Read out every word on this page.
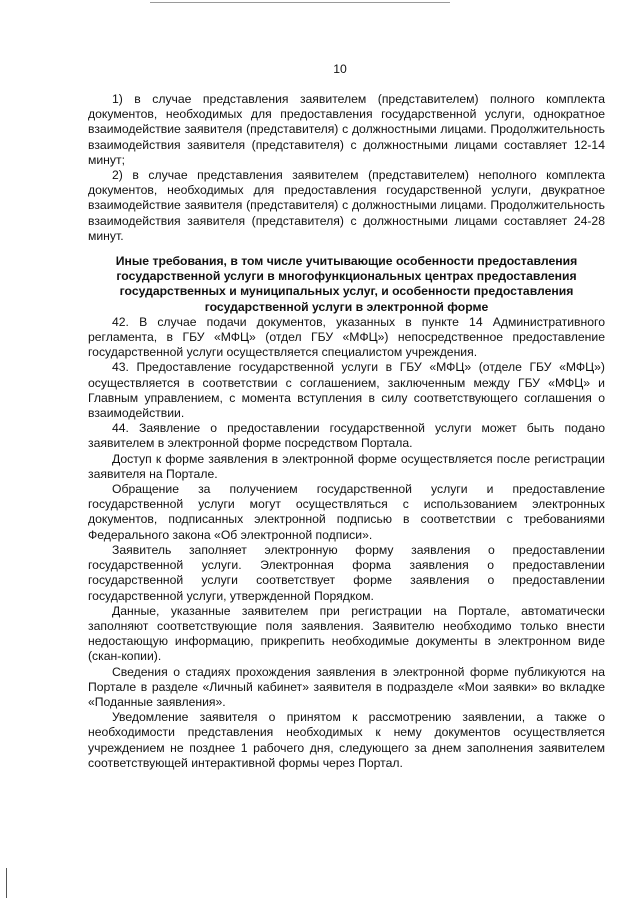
10

1) в случае представления заявителем (представителем) полного комплекта документов, необходимых для предоставления государственной услуги, однократное взаимодействие заявителя (представителя) с должностными лицами. Продолжительность взаимодействия заявителя (представителя) с должностными лицами составляет 12-14 минут;

2) в случае представления заявителем (представителем) неполного комплекта документов, необходимых для предоставления государственной услуги, двукратное взаимодействие заявителя (представителя) с должностными лицами. Продолжительность взаимодействия заявителя (представителя) с должностными лицами составляет 24-28 минут.

Иные требования, в том числе учитывающие особенности предоставления государственной услуги в многофункциональных центрах предоставления государственных и муниципальных услуг, и особенности предоставления государственной услуги в электронной форме

42. В случае подачи документов, указанных в пункте 14 Административного регламента, в ГБУ «МФЦ» (отдел ГБУ «МФЦ») непосредственное предоставление государственной услуги осуществляется специалистом учреждения.

43. Предоставление государственной услуги в ГБУ «МФЦ» (отделе ГБУ «МФЦ») осуществляется в соответствии с соглашением, заключенным между ГБУ «МФЦ» и Главным управлением, с момента вступления в силу соответствующего соглашения о взаимодействии.

44. Заявление о предоставлении государственной услуги может быть подано заявителем в электронной форме посредством Портала.

Доступ к форме заявления в электронной форме осуществляется после регистрации заявителя на Портале.

Обращение за получением государственной услуги и предоставление государственной услуги могут осуществляться с использованием электронных документов, подписанных электронной подписью в соответствии с требованиями Федерального закона «Об электронной подписи».

Заявитель заполняет электронную форму заявления о предоставлении государственной услуги. Электронная форма заявления о предоставлении государственной услуги соответствует форме заявления о предоставлении государственной услуги, утвержденной Порядком.

Данные, указанные заявителем при регистрации на Портале, автоматически заполняют соответствующие поля заявления. Заявителю необходимо только внести недостающую информацию, прикрепить необходимые документы в электронном виде (скан-копии).

Сведения о стадиях прохождения заявления в электронной форме публикуются на Портале в разделе «Личный кабинет» заявителя в подразделе «Мои заявки» во вкладке «Поданные заявления».

Уведомление заявителя о принятом к рассмотрению заявлении, а также о необходимости представления необходимых к нему документов осуществляется учреждением не позднее 1 рабочего дня, следующего за днем заполнения заявителем соответствующей интерактивной формы через Портал.
